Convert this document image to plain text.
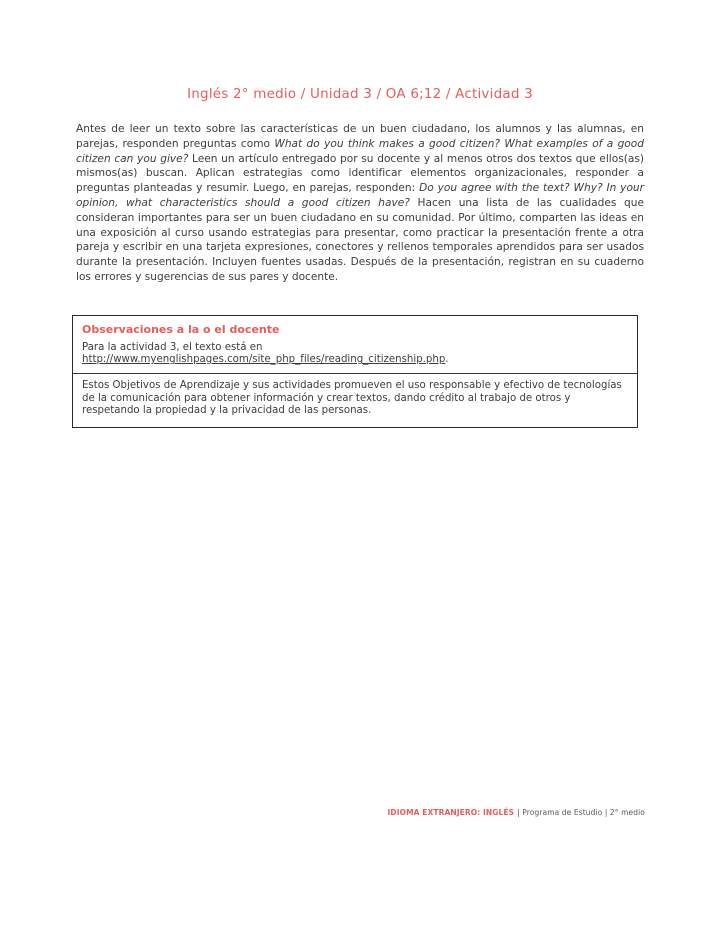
Inglés 2° medio / Unidad 3 / OA 6;12 / Actividad 3

Antes de leer un texto sobre las características de un buen ciudadano, los alumnos y las alumnas, en parejas, responden preguntas como What do you think makes a good citizen? What examples of a good citizen can you give? Leen un artículo entregado por su docente y al menos otros dos textos que ellos(as) mismos(as) buscan. Aplican estrategias como identificar elementos organizacionales, responder a preguntas planteadas y resumir. Luego, en parejas, responden: Do you agree with the text? Why? In your opinion, what characteristics should a good citizen have? Hacen una lista de las cualidades que consideran importantes para ser un buen ciudadano en su comunidad. Por último, comparten las ideas en una exposición al curso usando estrategias para presentar, como practicar la presentación frente a otra pareja y escribir en una tarjeta expresiones, conectores y rellenos temporales aprendidos para ser usados durante la presentación. Incluyen fuentes usadas. Después de la presentación, registran en su cuaderno los errores y sugerencias de sus pares y docente.

Observaciones a la o el docente

Para la actividad 3, el texto está en
http://www.myenglishpages.com/site_php_files/reading_citizenship.php.

Estos Objetivos de Aprendizaje y sus actividades promueven el uso responsable y efectivo de tecnologías de la comunicación para obtener información y crear textos, dando crédito al trabajo de otros y respetando la propiedad y la privacidad de las personas.

IDIOMA EXTRANJERO: INGLÉS | Programa de Estudio | 2° medio
